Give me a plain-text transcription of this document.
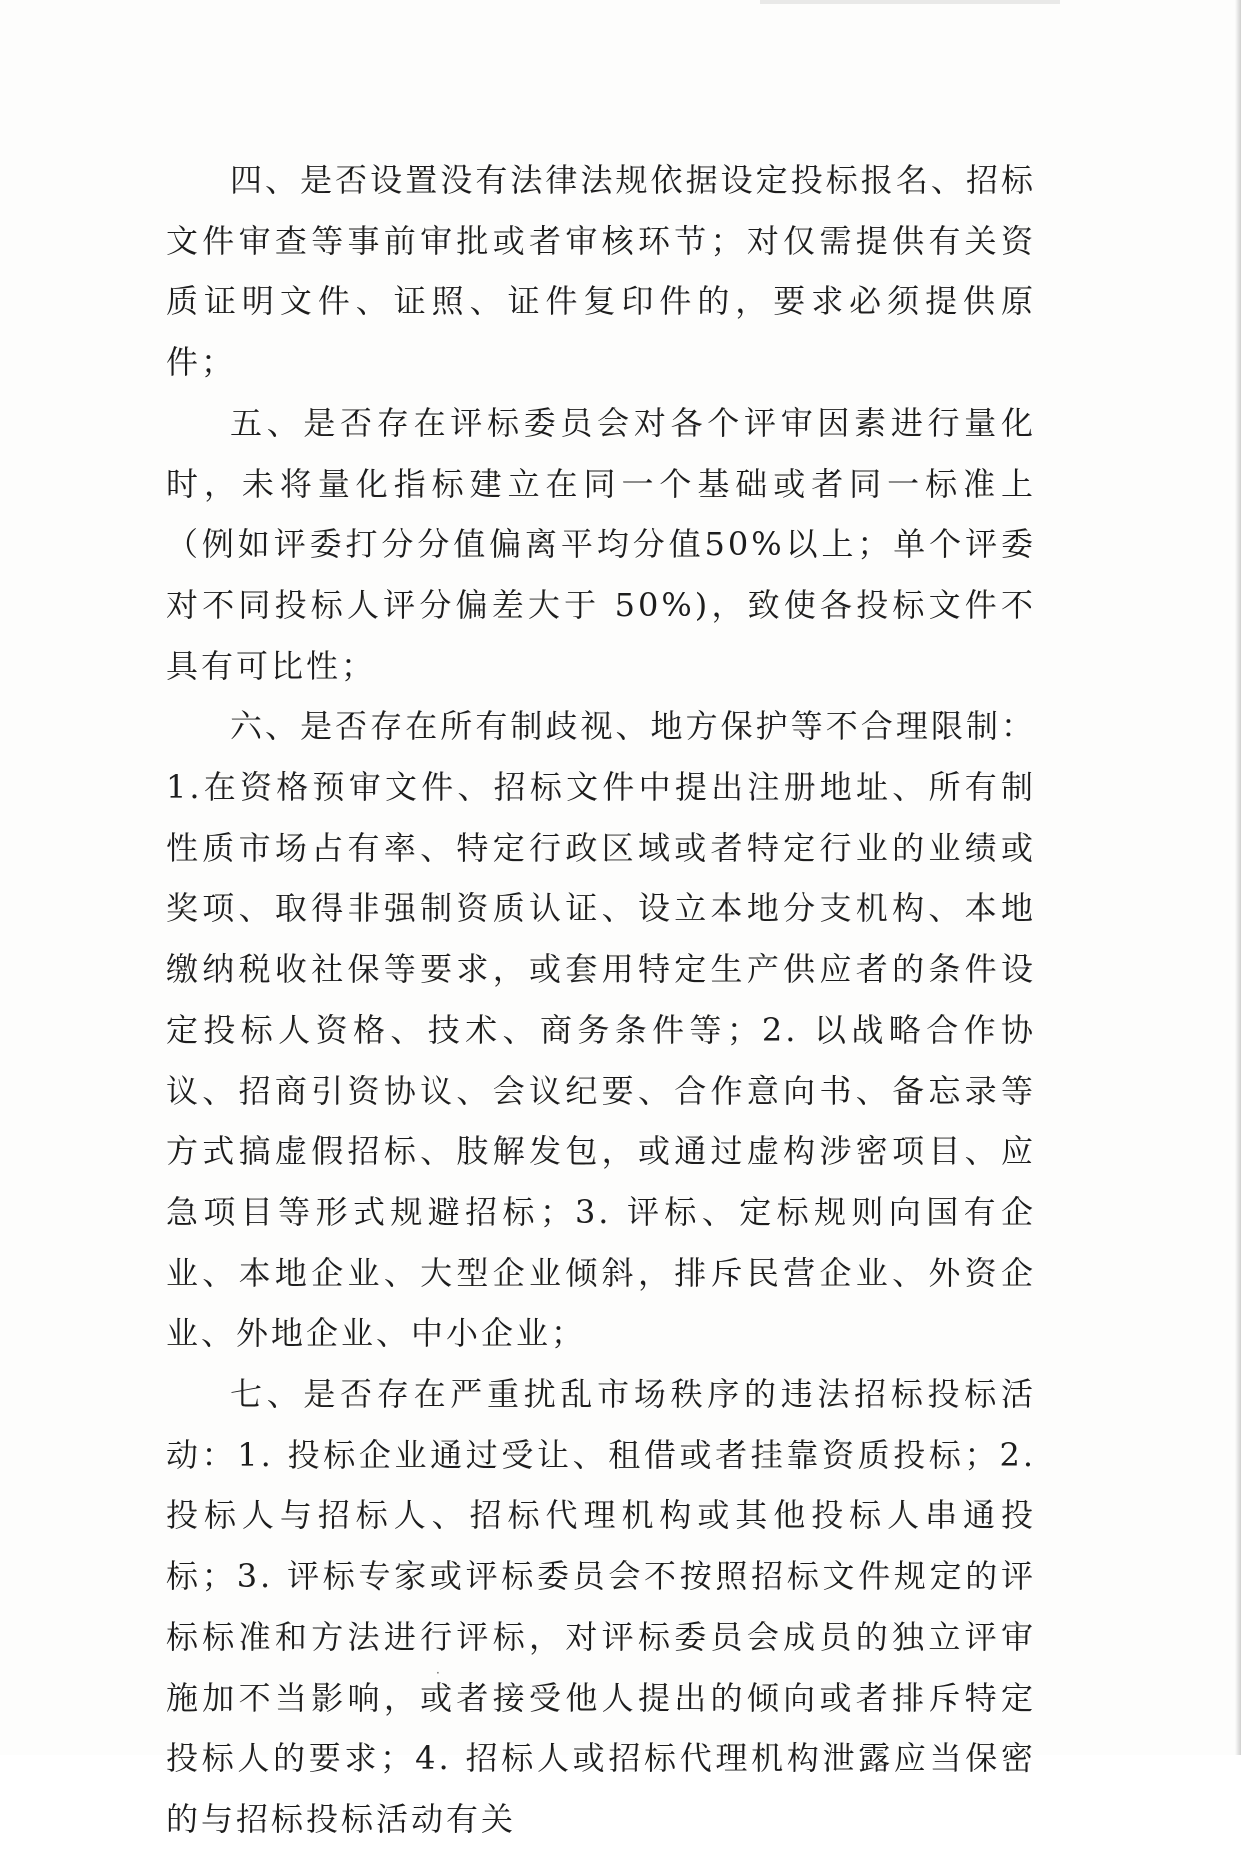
四、是否设置没有法律法规依据设定投标报名、招标文件审查等事前审批或者审核环节；对仅需提供有关资质证明文件、证照、证件复印件的，要求必须提供原件；

五、是否存在评标委员会对各个评审因素进行量化时，未将量化指标建立在同一个基础或者同一标准上（例如评委打分分值偏离平均分值50%以上；单个评委对不同投标人评分偏差大于 50%)，致使各投标文件不具有可比性；

六、是否存在所有制歧视、地方保护等不合理限制：1.在资格预审文件、招标文件中提出注册地址、所有制性质市场占有率、特定行政区域或者特定行业的业绩或奖项、取得非强制资质认证、设立本地分支机构、本地缴纳税收社保等要求，或套用特定生产供应者的条件设定投标人资格、技术、商务条件等；2. 以战略合作协议、招商引资协议、会议纪要、合作意向书、备忘录等方式搞虚假招标、肢解发包，或通过虚构涉密项目、应急项目等形式规避招标；3. 评标、定标规则向国有企业、本地企业、大型企业倾斜，排斥民营企业、外资企业、外地企业、中小企业；

七、是否存在严重扰乱市场秩序的违法招标投标活动：1. 投标企业通过受让、租借或者挂靠资质投标；2. 投标人与招标人、招标代理机构或其他投标人串通投标；3. 评标专家或评标委员会不按照招标文件规定的评标标准和方法进行评标，对评标委员会成员的独立评审施加不当影响，或者接受他人提出的倾向或者排斥特定投标人的要求；4. 招标人或招标代理机构泄露应当保密的与招标投标活动有关

·
